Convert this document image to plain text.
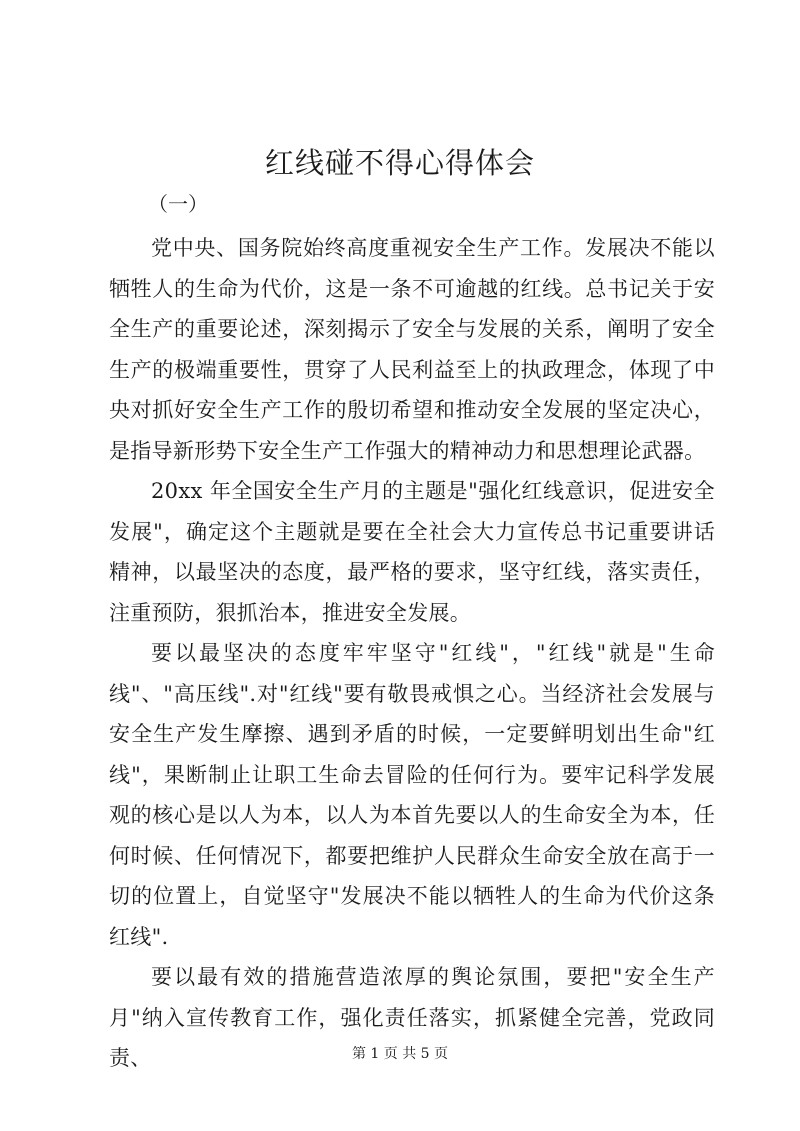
红线碰不得心得体会

（一）

党中央、国务院始终高度重视安全生产工作。发展决不能以牺牲人的生命为代价，这是一条不可逾越的红线。总书记关于安全生产的重要论述，深刻揭示了安全与发展的关系，阐明了安全生产的极端重要性，贯穿了人民利益至上的执政理念，体现了中央对抓好安全生产工作的殷切希望和推动安全发展的坚定决心，是指导新形势下安全生产工作强大的精神动力和思想理论武器。

20xx 年全国安全生产月的主题是"强化红线意识，促进安全发展"，确定这个主题就是要在全社会大力宣传总书记重要讲话精神，以最坚决的态度，最严格的要求，坚守红线，落实责任，注重预防，狠抓治本，推进安全发展。

要以最坚决的态度牢牢坚守"红线"，"红线"就是"生命线"、"高压线".对"红线"要有敬畏戒惧之心。当经济社会发展与安全生产发生摩擦、遇到矛盾的时候，一定要鲜明划出生命"红线"，果断制止让职工生命去冒险的任何行为。要牢记科学发展观的核心是以人为本，以人为本首先要以人的生命安全为本，任何时候、任何情况下，都要把维护人民群众生命安全放在高于一切的位置上，自觉坚守"发展决不能以牺牲人的生命为代价这条红线".

要以最有效的措施营造浓厚的舆论氛围，要把"安全生产月"纳入宣传教育工作，强化责任落实，抓紧健全完善，党政同责、	第 1 页 共 5 页
